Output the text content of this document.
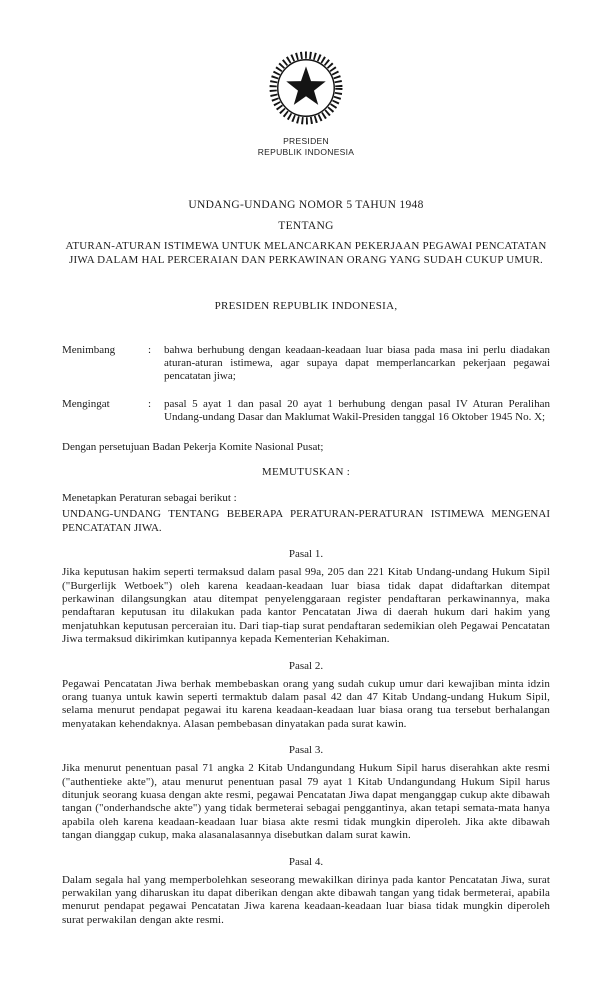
PRESIDEN
REPUBLIK INDONESIA
UNDANG-UNDANG NOMOR 5 TAHUN 1948
TENTANG
ATURAN-ATURAN ISTIMEWA UNTUK MELANCARKAN PEKERJAAN PEGAWAI PENCATATAN JIWA DALAM HAL PERCERAIAN DAN PERKAWINAN ORANG YANG SUDAH CUKUP UMUR.
PRESIDEN REPUBLIK INDONESIA,
Menimbang	:	bahwa berhubung dengan keadaan-keadaan luar biasa pada masa ini perlu diadakan aturan-aturan istimewa, agar supaya dapat memperlancarkan pekerjaan pegawai pencatatan jiwa;
Mengingat	:	pasal 5 ayat 1 dan pasal 20 ayat 1 berhubung dengan pasal IV Aturan Peralihan Undang-undang Dasar dan Maklumat Wakil-Presiden tanggal 16 Oktober 1945 No. X;
Dengan persetujuan Badan Pekerja Komite Nasional Pusat;
MEMUTUSKAN :
Menetapkan Peraturan sebagai berikut :
UNDANG-UNDANG TENTANG BEBERAPA PERATURAN-PERATURAN ISTIMEWA MENGENAI PENCATATAN JIWA.
Pasal 1.
Jika keputusan hakim seperti termaksud dalam pasal 99a, 205 dan 221 Kitab Undang-undang Hukum Sipil ("Burgerlijk Wetboek") oleh karena keadaan-keadaan luar biasa tidak dapat didaftarkan ditempat perkawinan dilangsungkan atau ditempat penyelenggaraan register pendaftaran perkawinannya, maka pendaftaran keputusan itu dilakukan pada kantor Pencatatan Jiwa di daerah hukum dari hakim yang menjatuhkan keputusan perceraian itu. Dari tiap-tiap surat pendaftaran sedemikian oleh Pegawai Pencatatan Jiwa termaksud dikirimkan kutipannya kepada Kementerian Kehakiman.
Pasal 2.
Pegawai Pencatatan Jiwa berhak membebaskan orang yang sudah cukup umur dari kewajiban minta idzin orang tuanya untuk kawin seperti termaktub dalam pasal 42 dan 47 Kitab Undang-undang Hukum Sipil, selama menurut pendapat pegawai itu karena keadaan-keadaan luar biasa orang tua tersebut berhalangan menyatakan kehendaknya. Alasan pembebasan dinyatakan pada surat kawin.
Pasal 3.
Jika menurut penentuan pasal 71 angka 2 Kitab Undangundang Hukum Sipil harus diserahkan akte resmi ("authentieke akte"), atau menurut penentuan pasal 79 ayat 1 Kitab Undangundang Hukum Sipil harus ditunjuk seorang kuasa dengan akte resmi, pegawai Pencatatan Jiwa dapat menganggap cukup akte dibawah tangan ("onderhandsche akte") yang tidak bermeterai sebagai penggantinya, akan tetapi semata-mata hanya apabila oleh karena keadaan-keadaan luar biasa akte resmi tidak mungkin diperoleh. Jika akte dibawah tangan dianggap cukup, maka alasanalasannya disebutkan dalam surat kawin.
Pasal 4.
Dalam segala hal yang memperbolehkan seseorang mewakilkan dirinya pada kantor Pencatatan Jiwa, surat perwakilan yang diharuskan itu dapat diberikan dengan akte dibawah tangan yang tidak bermeterai, apabila menurut pendapat pegawai Pencatatan Jiwa karena keadaan-keadaan luar biasa tidak mungkin diperoleh surat perwakilan dengan akte resmi.
